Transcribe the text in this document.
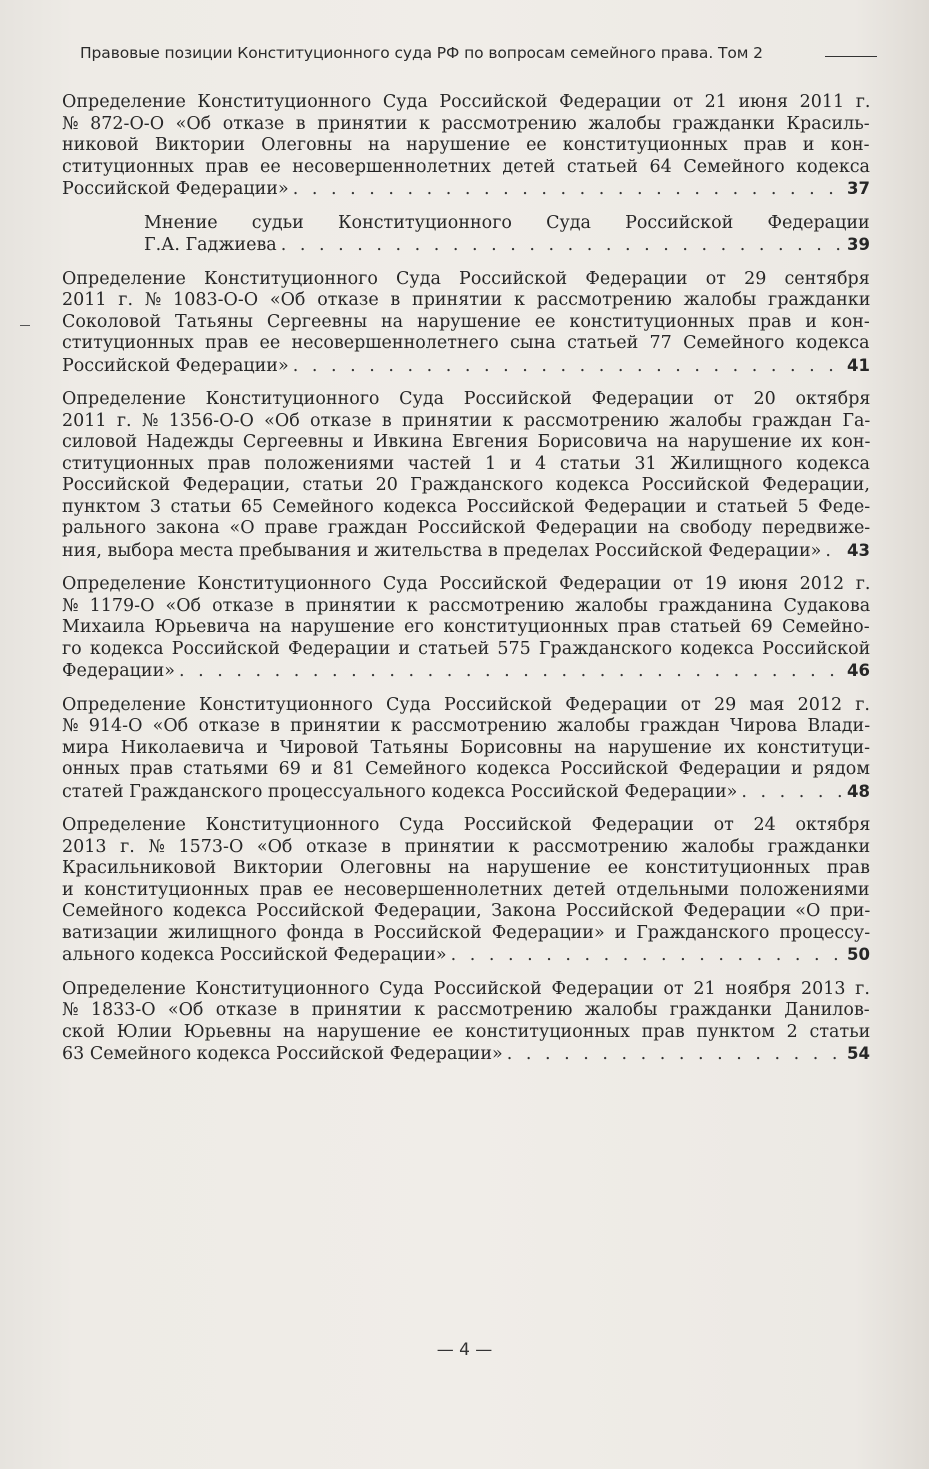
Правовые позиции Конституционного суда РФ по вопросам семейного права. Том 2
Определение Конституционного Суда Российской Федерации от 21 июня 2011 г.
№ 872-О-О «Об отказе в принятии к рассмотрению жалобы гражданки Красиль-
никовой Виктории Олеговны на нарушение ее конституционных прав и кон-
ституционных прав ее несовершеннолетних детей статьей 64 Семейного кодекса
Российской Федерации» . . .	37
Мнение судьи Конституционного Суда Российской Федерации
Г.А. Гаджиева . . .	39
Определение Конституционного Суда Российской Федерации от 29 сентября
2011 г. № 1083-О-О «Об отказе в принятии к рассмотрению жалобы гражданки
Соколовой Татьяны Сергеевны на нарушение ее конституционных прав и кон-
ституционных прав ее несовершеннолетнего сына статьей 77 Семейного кодекса
Российской Федерации» . . .	41
Определение Конституционного Суда Российской Федерации от 20 октября
2011 г. № 1356-О-О «Об отказе в принятии к рассмотрению жалобы граждан Га-
силовой Надежды Сергеевны и Ивкина Евгения Борисовича на нарушение их кон-
ституционных прав положениями частей 1 и 4 статьи 31 Жилищного кодекса
Российской Федерации, статьи 20 Гражданского кодекса Российской Федерации,
пунктом 3 статьи 65 Семейного кодекса Российской Федерации и статьей 5 Феде-
рального закона «О праве граждан Российской Федерации на свободу передвиже-
ния, выбора места пребывания и жительства в пределах Российской Федерации» . . . 43
Определение Конституционного Суда Российской Федерации от 19 июня 2012 г.
№ 1179-О «Об отказе в принятии к рассмотрению жалобы гражданина Судакова
Михаила Юрьевича на нарушение его конституционных прав статьей 69 Семейно-
го кодекса Российской Федерации и статьей 575 Гражданского кодекса Российской
Федерации» . . .	46
Определение Конституционного Суда Российской Федерации от 29 мая 2012 г.
№ 914-О «Об отказе в принятии к рассмотрению жалобы граждан Чирова Влади-
мира Николаевича и Чировой Татьяны Борисовны на нарушение их конституци-
онных прав статьями 69 и 81 Семейного кодекса Российской Федерации и рядом
статей Гражданского процессуального кодекса Российской Федерации» . . .	48
Определение Конституционного Суда Российской Федерации от 24 октября
2013 г. № 1573-О «Об отказе в принятии к рассмотрению жалобы гражданки
Красильниковой Виктории Олеговны на нарушение ее конституционных прав
и конституционных прав ее несовершеннолетних детей отдельными положениями
Семейного кодекса Российской Федерации, Закона Российской Федерации «О при-
ватизации жилищного фонда в Российской Федерации» и Гражданского процессу-
ального кодекса Российской Федерации» . . .	50
Определение Конституционного Суда Российской Федерации от 21 ноября 2013 г.
№ 1833-О «Об отказе в принятии к рассмотрению жалобы гражданки Данилов-
ской Юлии Юрьевны на нарушение ее конституционных прав пунктом 2 статьи
63 Семейного кодекса Российской Федерации» . . .	54
— 4 —
